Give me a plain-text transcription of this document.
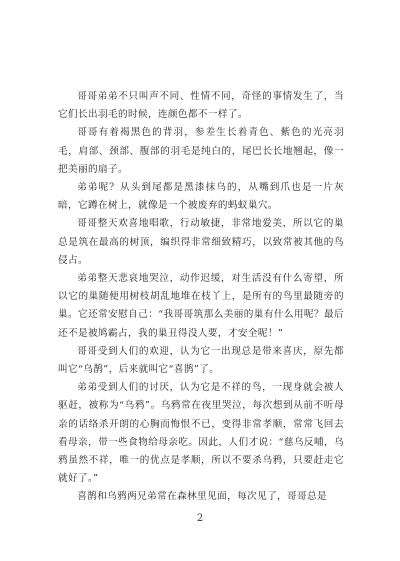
哥哥弟弟不只叫声不同、性情不同，奇怪的事情发生了，当它们长出羽毛的时候，连颜色都不一样了。

哥哥有着褐黑色的背羽，参差生长着青色、紫色的光亮羽毛，肩部、颈部、腹部的羽毛是纯白的，尾巴长长地翘起，像一把美丽的扇子。

弟弟呢？从头到尾都是黑漆抹乌的，从嘴到爪也是一片灰暗，它蹲在树上，就像是一个被废弃的蚂蚁巢穴。

哥哥整天欢喜地唱歌，行动敏捷，非常地爱美，所以它的巢总是筑在最高的树顶，编织得非常细致精巧，以致常被其他的鸟侵占。

弟弟整天悲哀地哭泣，动作迟缓，对生活没有什么寄望，所以它的巢随便用树枝胡乱地堆在枝丫上，是所有的鸟里最随旁的巢。它还常安慰自己：“我哥哥筑那么美丽的巢有什么用呢？最后还不是被鸠霸占，我的巢丑得没人要，才安全呢！”

哥哥受到人们的欢迎，认为它一出现总是带来喜庆，原先都叫它“乌鹊”，后来就叫它“喜鹊”了。

弟弟受到人们的讨厌，认为它是不祥的鸟，一现身就会被人驱赶，被称为“乌鸦”。乌鸦常在夜里哭泣，每次想到从前不听母亲的话络杀开朗的心胸而悔恨不已，变得非常孝顺，常常飞回去看母亲，带一些食物给母亲吃。因此，人们才说：“慈乌反哺，乌鸦虽然不祥，唯一的优点是孝顺，所以不要杀乌鸦，只要赶走它就好了。”

喜鹊和乌鸦两兄弟常在森林里见面，每次见了，哥哥总是

2
